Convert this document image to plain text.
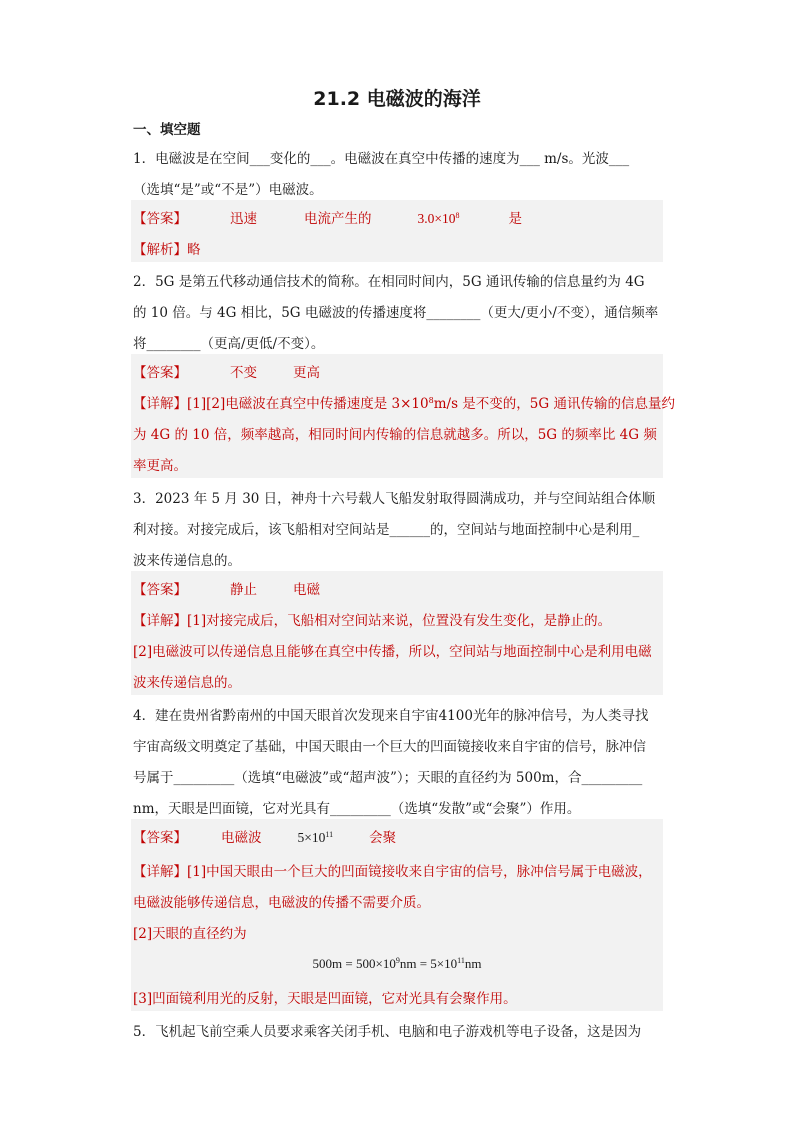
21.2 电磁波的海洋
一、填空题
1．电磁波是在空间___变化的___。电磁波在真空中传播的速度为___ m/s。光波___
（选填“是”或“不是”）电磁波。
【答案】	迅速	电流产生的	$3.0\times 10^8$	是
【解析】略
2．5G 是第五代移动通信技术的简称。在相同时间内，5G 通讯传输的信息量约为 4G
的 10 倍。与 4G 相比，5G 电磁波的传播速度将________（更大/更小/不变），通信频率
将________（更高/更低/不变）。
【答案】	不变	更高
【详解】[1][2]电磁波在真空中传播速度是 $3\times 10^8m/s$ 是不变的，5G 通讯传输的信息量约
为 4G 的 10 倍，频率越高，相同时间内传输的信息就越多。所以，5G 的频率比 4G 频
率更高。
3．2023 年 5 月 30 日，神舟十六号载人飞船发射取得圆满成功，并与空间站组合体顺
利对接。对接完成后，该飞船相对空间站是______的，空间站与地面控制中心是利用_
波来传递信息的。
【答案】	静止	电磁
【详解】[1]对接完成后，飞船相对空间站来说，位置没有发生变化，是静止的。
[2]电磁波可以传递信息且能够在真空中传播，所以，空间站与地面控制中心是利用电磁
波来传递信息的。
4．建在贵州省黔南州的中国天眼首次发现来自宇宙4100光年的脉冲信号，为人类寻找
宇宙高级文明奠定了基础，中国天眼由一个巨大的凹面镜接收来自宇宙的信号，脉冲信
号属于_________（选填“电磁波”或“超声波”）；天眼的直径约为 500m，合_________
nm，天眼是凹面镜，它对光具有_________（选填“发散”或“会聚”）作用。
【答案】	电磁波	$5\times 10^{11}$	会聚
【详解】[1]中国天眼由一个巨大的凹面镜接收来自宇宙的信号，脉冲信号属于电磁波，
电磁波能够传递信息，电磁波的传播不需要介质。
[2]天眼的直径约为
$500m = 500\times 10^9nm = 5\times 10^{11}nm$
[3]凹面镜利用光的反射，天眼是凹面镜，它对光具有会聚作用。
5．飞机起飞前空乘人员要求乘客关闭手机、电脑和电子游戏机等电子设备，这是因为
